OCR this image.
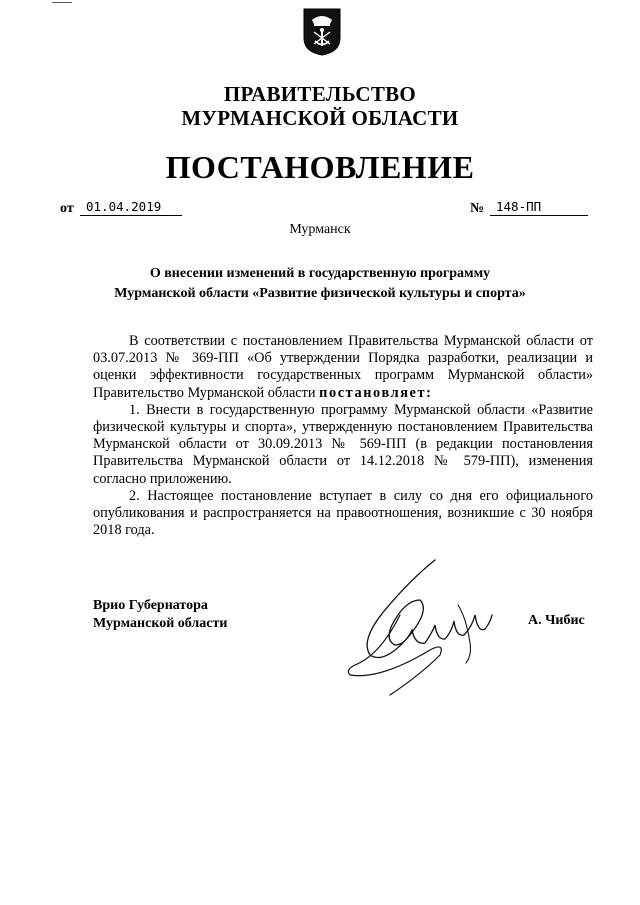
ПРАВИТЕЛЬСТВО
МУРМАНСКОЙ ОБЛАСТИ
ПОСТАНОВЛЕНИЕ
от 01.04.2019	№ 148-ПП
Мурманск
О внесении изменений в государственную программу
Мурманской области «Развитие физической культуры и спорта»

В соответствии с постановлением Правительства Мурманской области от 03.07.2013 № 369-ПП «Об утверждении Порядка разработки, реализации и оценки эффективности государственных программ Мурманской области» Правительство Мурманской области постановляет:

1. Внести в государственную программу Мурманской области «Развитие физической культуры и спорта», утвержденную постановлением Правительства Мурманской области от 30.09.2013 № 569-ПП (в редакции постановления Правительства Мурманской области от 14.12.2018 № 579-ПП), изменения согласно приложению.

2. Настоящее постановление вступает в силу со дня его официального опубликования и распространяется на правоотношения, возникшие с 30 ноября 2018 года.

Врио Губернатора
Мурманской области	А. Чибис
